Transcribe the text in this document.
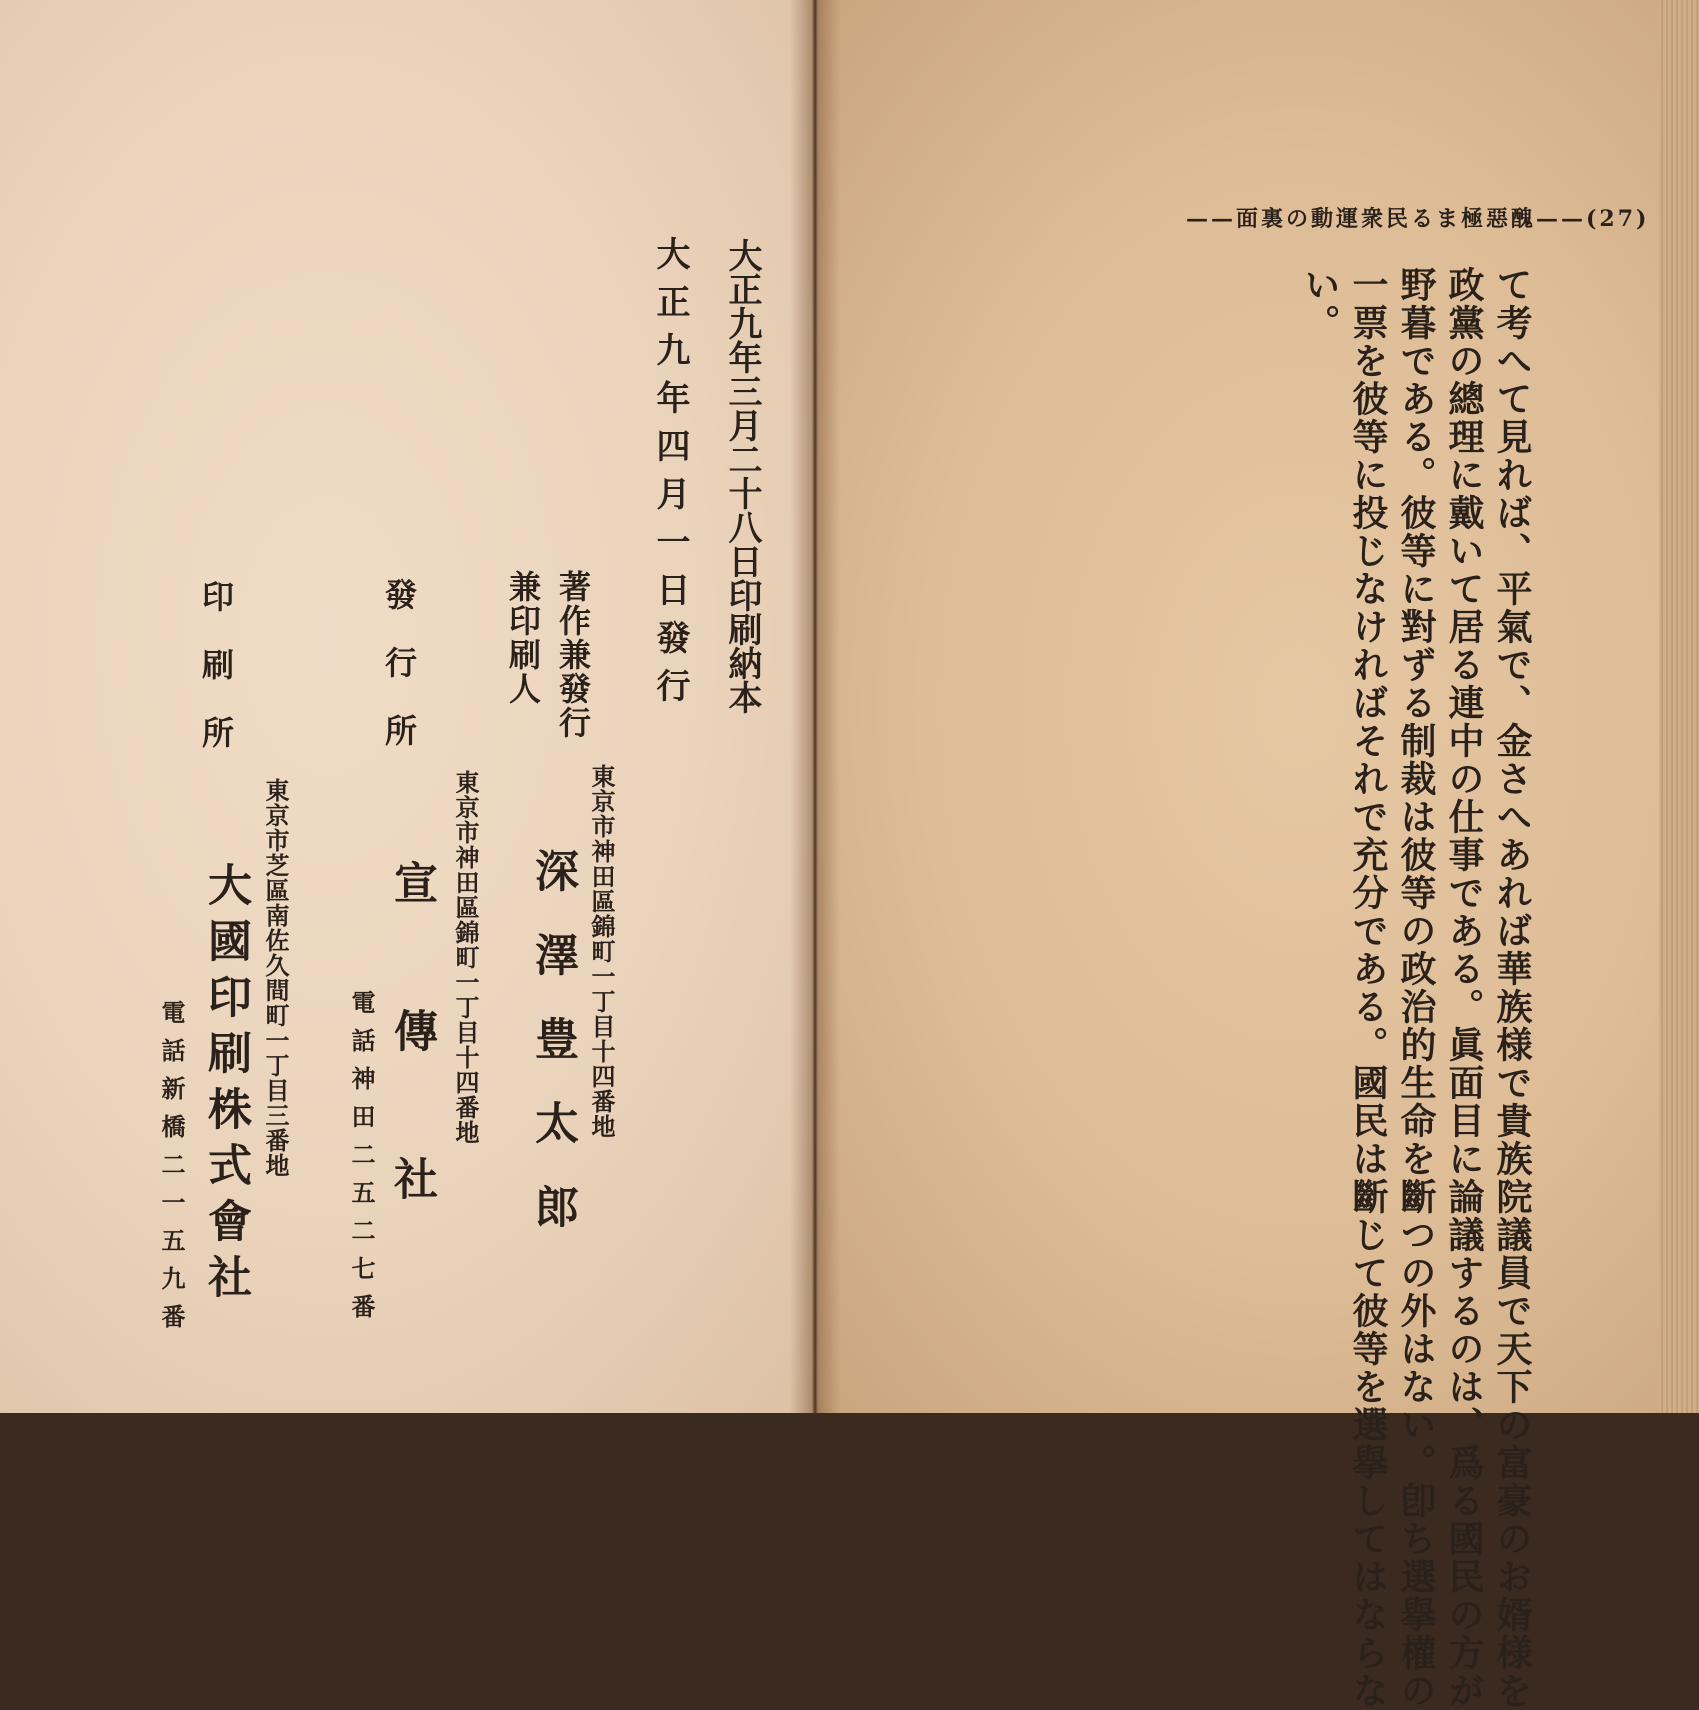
大正九年三月二十八日印刷納本
大正九年四月一日發行
著作兼發行
兼印刷人
東京市神田區錦町一丁目十四番地
深澤豊太郎
發行所
東京市神田區錦町一丁目十四番地
宣傳社
電話神田二五二七番
印刷所
東京市芝區南佐久間町一丁目三番地
大國印刷株式會社
電話新橋二一五九番
(72)——醜惡極まる民衆運動の裏面——
て考へて見れば、平氣で、金さへあれば華族様で貴族院議員で天下の富豪のお婿様を
政黨の總理に戴いて居る連中の仕事である。眞面目に論議するのは、爲る國民の方が
野暮である。彼等に對ずる制裁は彼等の政治的生命を斷つの外はない。卽ち選擧權の
一票を彼等に投じなければそれで充分である。國民は斷じて彼等を選擧してはならな
い。
